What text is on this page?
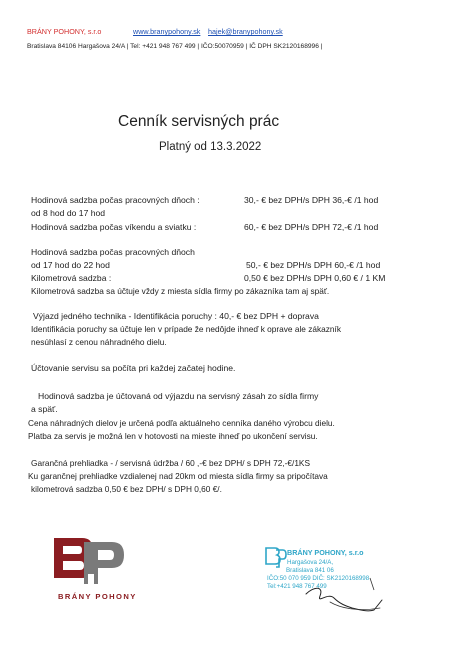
BRÁNY POHONY, s.r.o	www.branypohony.sk hajek@branypohony.sk
Bratislava 84106 Hargašova 24/A | Tel: +421 948 767 499 | IČO:50070959 | IČ DPH SK2120168996 |
Cenník servisných prác
Platný od 13.3.2022
Hodinová sadzba počas pracovných dňoch :	30,- € bez DPH/s DPH 36,-€ /1 hod
od 8 hod do 17 hod
Hodinová sadzba počas víkendu a sviatku :	60,- € bez DPH/s DPH 72,-€ /1 hod
Hodinová sadzba počas pracovných dňoch
od 17 hod do 22 hod	50,- € bez DPH/s DPH 60,-€ /1 hod
Kilometrová sadzba :	0,50 € bez DPH/s DPH 0,60 € / 1 KM
Kilometrová sadzba sa účtuje vždy z miesta sídla firmy po zákazníka tam aj späť.
Výjazd jedného technika - Identifikácia poruchy : 40,- € bez DPH + doprava
Identifikácia poruchy sa účtuje len v prípade že nedôjde ihneď k oprave ale zákazník
nesúhlasí z cenou náhradného dielu.
Účtovanie servisu sa počíta pri každej začatej hodine.
Hodinová sadzba je účtovaná od výjazdu na servisný zásah zo sídla firmy
a späť.
Cena náhradných dielov je určená podľa aktuálneho cenníka daného výrobcu dielu.
Platba za servis je možná len v hotovosti na mieste ihneď po ukončení servisu.
Garančná prehliadka - / servisná údržba / 60 ,-€ bez DPH/ s DPH 72,-€/1KS
Ku garančnej prehliadke vzdialenej nad 20km od miesta sídla firmy sa pripočítava
kilometrová sadzba 0,50 € bez DPH/ s DPH 0,60 €/.
BRÁNY POHONY
BRÁNY POHONY, s.r.o
Hargašova 24/A,
Bratislava 841 06
IČO:50 070 959 DIČ: SK2120168998
Tel:+421 948 767 499
